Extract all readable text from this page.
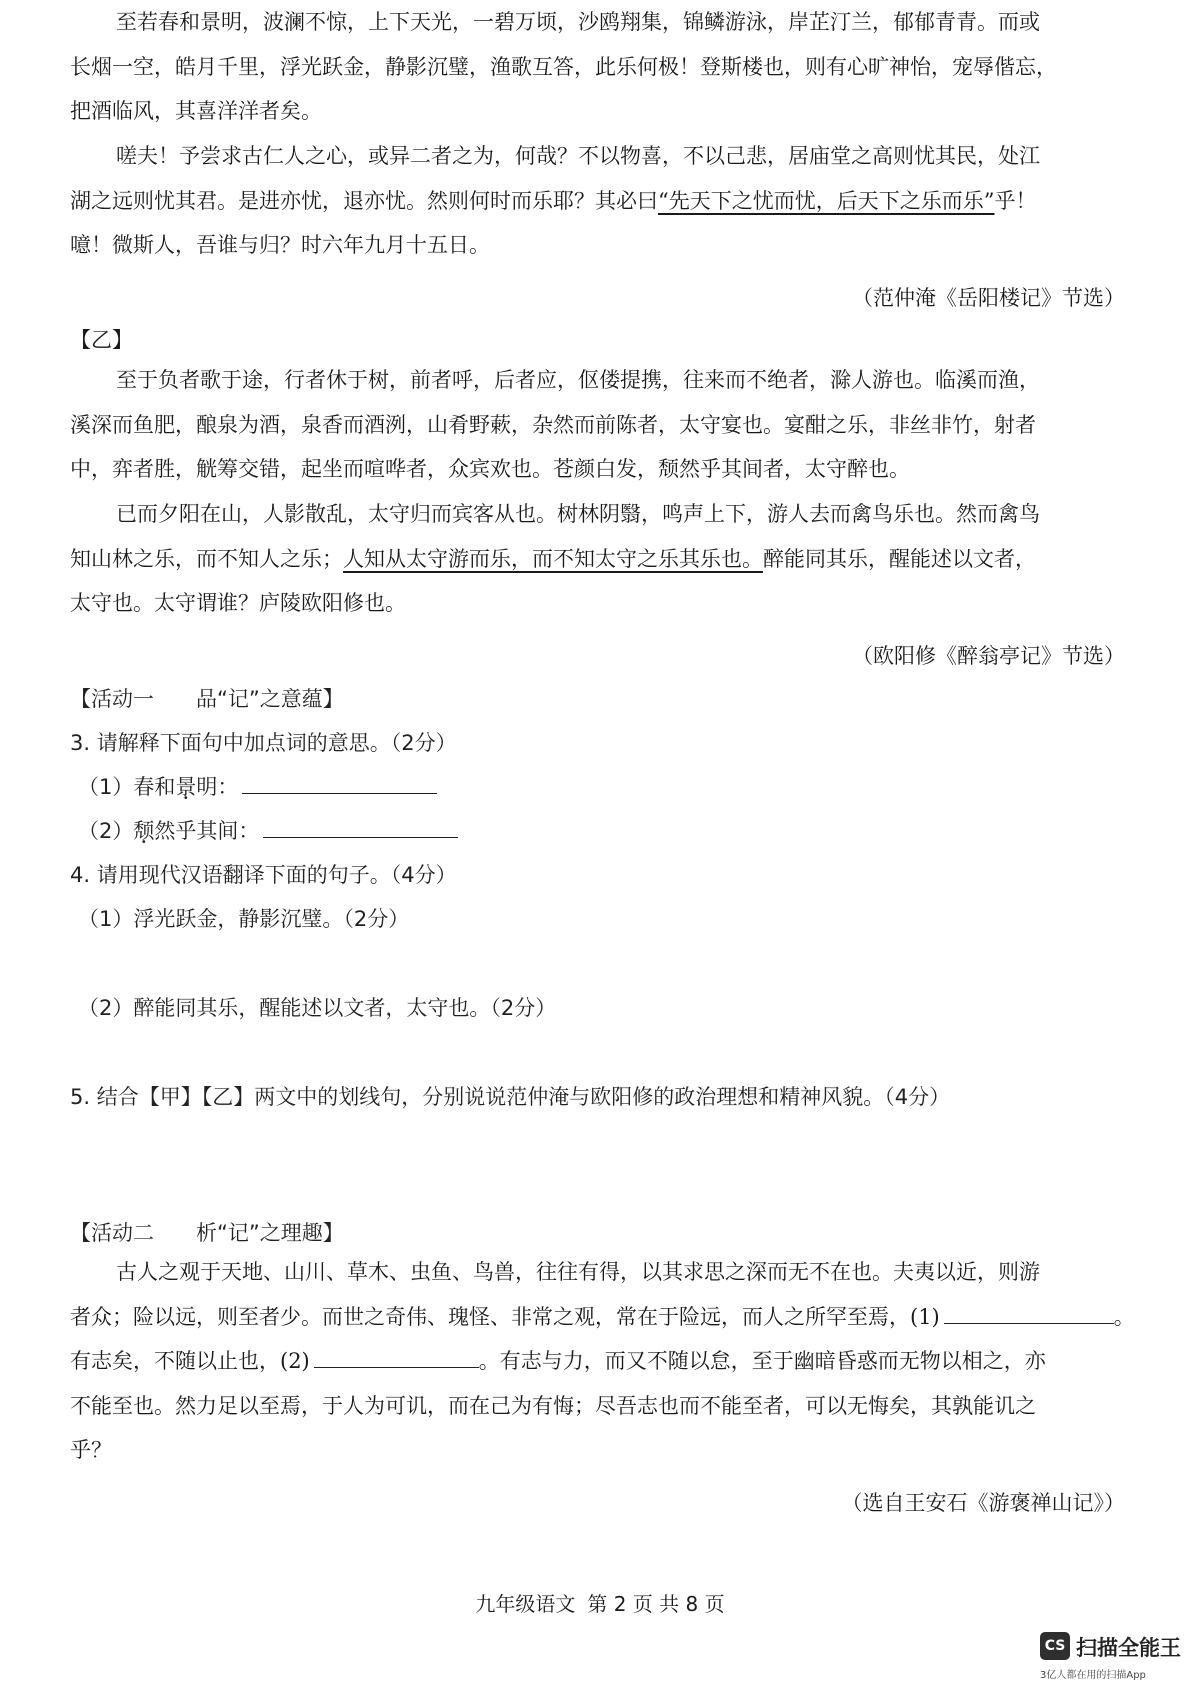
至若春和景明，波澜不惊，上下天光，一碧万顷，沙鸥翔集，锦鳞游泳，岸芷汀兰，郁郁青青。而或
长烟一空，皓月千里，浮光跃金，静影沉璧，渔歌互答，此乐何极！登斯楼也，则有心旷神怡，宠辱偕忘，
把酒临风，其喜洋洋者矣。
嗟夫！予尝求古仁人之心，或异二者之为，何哉？不以物喜，不以己悲，居庙堂之高则忧其民，处江
湖之远则忧其君。是进亦忧，退亦忧。然则何时而乐耶？其必曰“先天下之忧而忧，后天下之乐而乐”乎！
噫！微斯人，吾谁与归？时六年九月十五日。

（范仲淹《岳阳楼记》节选）

【乙】

至于负者歌于途，行者休于树，前者呼，后者应，伛偻提携，往来而不绝者，滁人游也。临溪而渔，
溪深而鱼肥，酿泉为酒，泉香而酒洌，山肴野蔌，杂然而前陈者，太守宴也。宴酣之乐，非丝非竹，射者
中，弈者胜，觥筹交错，起坐而喧哗者，众宾欢也。苍颜白发，颓然乎其间者，太守醉也。
已而夕阳在山，人影散乱，太守归而宾客从也。树林阴翳，鸣声上下，游人去而禽鸟乐也。然而禽鸟
知山林之乐，而不知人之乐；人知从太守游而乐，而不知太守之乐其乐也。醉能同其乐，醒能述以文者，
太守也。太守谓谁？庐陵欧阳修也。

（欧阳修《醉翁亭记》节选）

【活动一　　品“记”之意蕴】

3. 请解释下面句中加点词的意思。（2分）

（1）春和景明：

（2）颓然乎其间：

4. 请用现代汉语翻译下面的句子。（4分）

（1）浮光跃金，静影沉璧。（2分）

（2）醉能同其乐，醒能述以文者，太守也。（2分）

5. 结合【甲】【乙】两文中的划线句，分别说说范仲淹与欧阳修的政治理想和精神风貌。（4分）

【活动二　　析“记”之理趣】

古人之观于天地、山川、草木、虫鱼、鸟兽，往往有得，以其求思之深而无不在也。夫夷以近，则游
者众；险以远，则至者少。而世之奇伟、瑰怪、非常之观，常在于险远，而人之所罕至焉，(1)	。
有志矣，不随以止也，(2)	。有志与力，而又不随以怠，至于幽暗昏惑而无物以相之，亦
不能至也。然力足以至焉，于人为可讥，而在己为有悔；尽吾志也而不能至者，可以无悔矣，其孰能讥之
乎？

（选自王安石《游褒禅山记》）

九年级语文 第 2 页 共 8 页

CS 扫描全能王
3亿人都在用的扫描App
